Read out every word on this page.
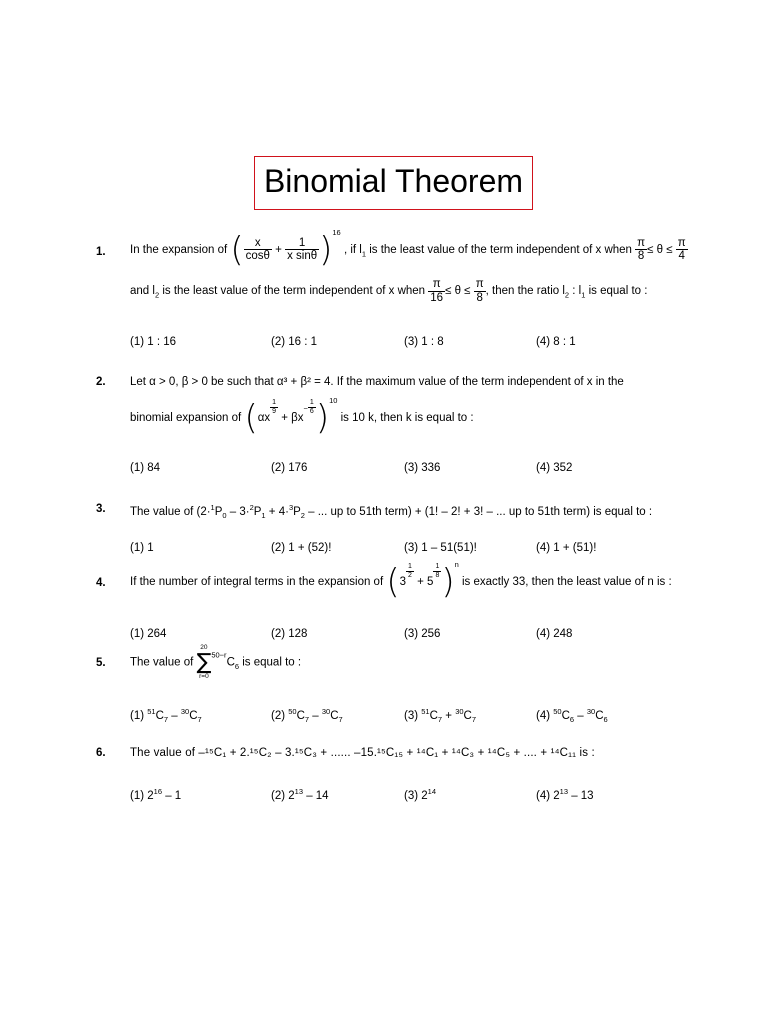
Binomial Theorem
1. In the expansion of ( $\frac{x}{\cos\theta} + \frac{1}{\text{x sinθ}} )^{16}$ , if $l_1$ is the least value of the term independent of x when $\frac{\pi}{8} \le \theta \le \frac{\pi}{4}$
and $l_2$ is the least value of the term independent of x when $\frac{\pi}{16} \le \theta \le \frac{\pi}{8}$ , then the ratio $l_2$ : $l_1$ is equal to :
(1) 1 : 16	(2) 16 : 1	(3) 1 : 8	(4) 8 : 1
2. Let α > 0, β > 0 be such that α³ + β² = 4. If the maximum value of the term independent of x in the
binomial expansion of (αx
$\frac{1}{9}$
+ $\beta x^- \frac{1}{6} )^{10}$ is 10 k, then k is equal to :
(1) 84	(2) 176	(3) 336	(4) 352
3. The value of ($2\cdot^1P_0 - 3\cdot^2P_1 + 4\cdot^3P_2$ – ... up to 51th term) + (1! – 2! + 3! – ... up to 51th term) is equal to :
(1) 1	(2) 1 + (52)!	(3) 1 – 51(51)!	(4) 1 + (51)!
4. If the number of integral terms in the expansion of (3
$\frac{1}{2}$
+ 5
$\frac{1}{8} )^n$ is exactly 33, then the least value of n is :
(1) 264	(2) 128	(3) 256	(4) 248
5. The value of
20
∑
r=0
$^{50-r}C_6$ is equal to :
(1) $^{51}C_7 - ^{30}C_7$	(2) $^{50}C_7 - ^{30}C_7$	(3) $^{51}C_7 + ^{30}C_7$	(4) $^{50}C_6 - ^{30}C_6$
6. The value of –¹⁵C₁ + 2.¹⁵C₂ – 3.¹⁵C₃ + ...... –15.¹⁵C₁₅ + ¹⁴C₁ + ¹⁴C₃ + ¹⁴C₅ + .... + ¹⁴C₁₁ is :
(1) $2^{16} - 1$	(2) $2^{13} - 14$	(3) $2^{14}$	(4) $2^{13} - 13$
